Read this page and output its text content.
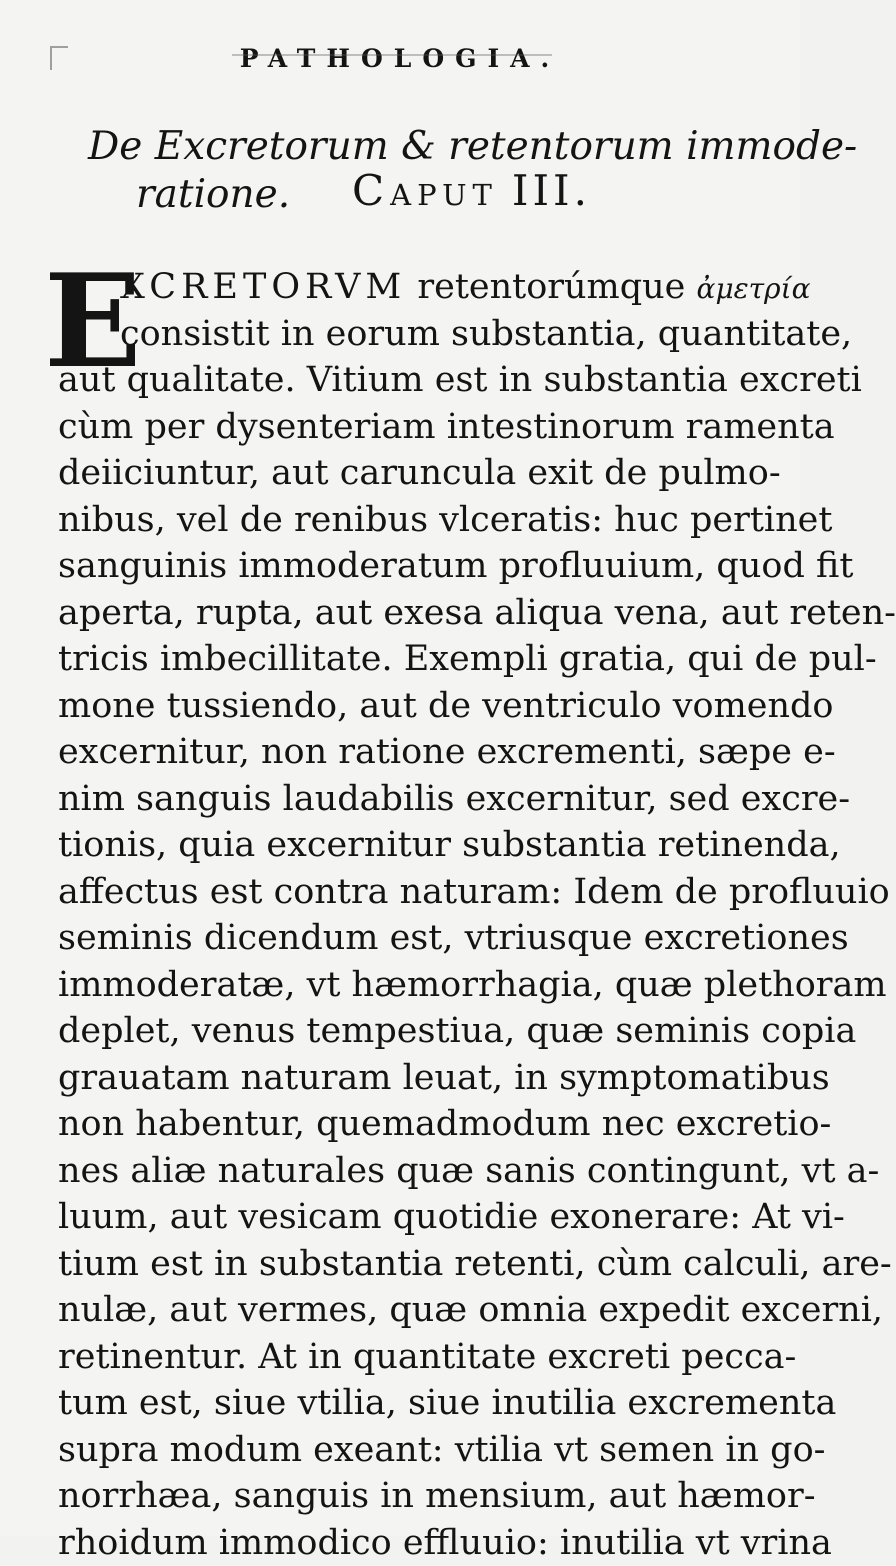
PATHOLOGIA.
De Excretorum & retentorum immode-
ratione. Caput III.
E
XCRETORVM retentorúmque ἀμετρία
consistit in eorum substantia, quantitate,
aut qualitate. Vitium est in substantia excreti
cùm per dysenteriam intestinorum ramenta
deiiciuntur, aut caruncula exit de pulmo-
nibus, vel de renibus vlceratis: huc pertinet
sanguinis immoderatum profluuium, quod fit
aperta, rupta, aut exesa aliqua vena, aut reten-
tricis imbecillitate. Exempli gratia, qui de pul-
mone tussiendo, aut de ventriculo vomendo
excernitur, non ratione excrementi, sæpe e-
nim sanguis laudabilis excernitur, sed excre-
tionis, quia excernitur substantia retinenda,
affectus est contra naturam: Idem de profluuio
seminis dicendum est, vtriusque excretiones
immoderatæ, vt hæmorrhagia, quæ plethoram
deplet, venus tempestiua, quæ seminis copia
grauatam naturam leuat, in symptomatibus
non habentur, quemadmodum nec excretio-
nes aliæ naturales quæ sanis contingunt, vt a-
luum, aut vesicam quotidie exonerare: At vi-
tium est in substantia retenti, cùm calculi, are-
nulæ, aut vermes, quæ omnia expedit excerni,
retinentur. At in quantitate excreti pecca-
tum est, siue vtilia, siue inutilia excrementa
supra modum exeant: vtilia vt semen in go-
norrhæa, sanguis in mensium, aut hæmor-
rhoidum immodico effluuio: inutilia vt vrina
